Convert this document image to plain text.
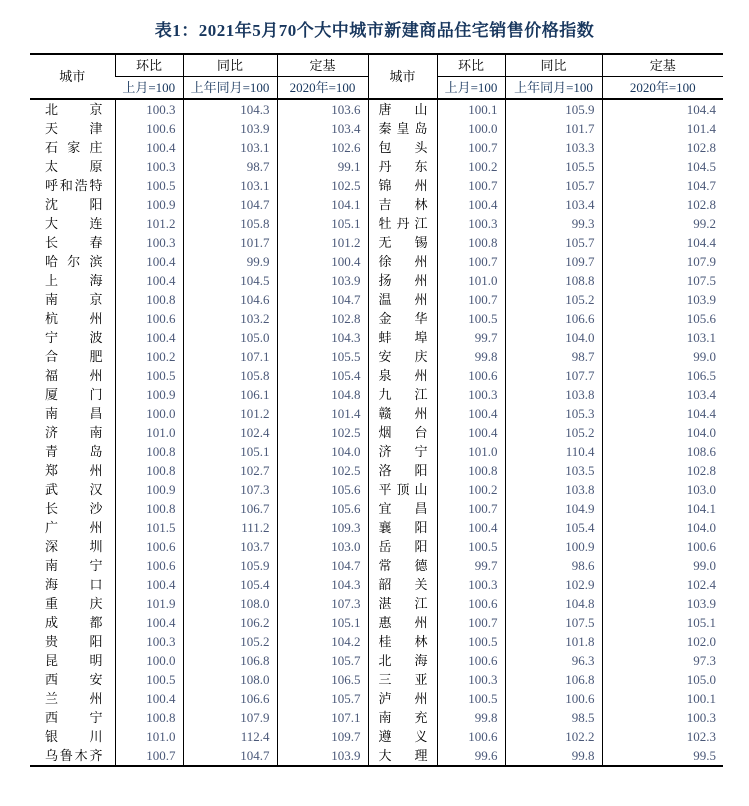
表1：2021年5月70个大中城市新建商品住宅销售价格指数
城市	环比	同比	定基	城市	环比	同比	定基
	上月=100	上年同月=100	2020年=100		上月=100	上年同月=100	2020年=100
北京	100.3	104.3	103.6	唐山	100.1	105.9	104.4
天津	100.6	103.9	103.4	秦皇岛	100.0	101.7	101.4
石家庄	100.4	103.1	102.6	包头	100.7	103.3	102.8
太原	100.3	98.7	99.1	丹东	100.2	105.5	104.5
呼和浩特	100.5	103.1	102.5	锦州	100.7	105.7	104.7
沈阳	100.9	104.7	104.1	吉林	100.4	103.4	102.8
大连	101.2	105.8	105.1	牡丹江	100.3	99.3	99.2
长春	100.3	101.7	101.2	无锡	100.8	105.7	104.4
哈尔滨	100.4	99.9	100.4	徐州	100.7	109.7	107.9
上海	100.4	104.5	103.9	扬州	101.0	108.8	107.5
南京	100.8	104.6	104.7	温州	100.7	105.2	103.9
杭州	100.6	103.2	102.8	金华	100.5	106.6	105.6
宁波	100.4	105.0	104.3	蚌埠	99.7	104.0	103.1
合肥	100.2	107.1	105.5	安庆	99.8	98.7	99.0
福州	100.5	105.8	105.4	泉州	100.6	107.7	106.5
厦门	100.9	106.1	104.8	九江	100.3	103.8	103.4
南昌	100.0	101.2	101.4	赣州	100.4	105.3	104.4
济南	101.0	102.4	102.5	烟台	100.4	105.2	104.0
青岛	100.8	105.1	104.0	济宁	101.0	110.4	108.6
郑州	100.8	102.7	102.5	洛阳	100.8	103.5	102.8
武汉	100.9	107.3	105.6	平顶山	100.2	103.8	103.0
长沙	100.8	106.7	105.6	宜昌	100.7	104.9	104.1
广州	101.5	111.2	109.3	襄阳	100.4	105.4	104.0
深圳	100.6	103.7	103.0	岳阳	100.5	100.9	100.6
南宁	100.6	105.9	104.7	常德	99.7	98.6	99.0
海口	100.4	105.4	104.3	韶关	100.3	102.9	102.4
重庆	101.9	108.0	107.3	湛江	100.6	104.8	103.9
成都	100.4	106.2	105.1	惠州	100.7	107.5	105.1
贵阳	100.3	105.2	104.2	桂林	100.5	101.8	102.0
昆明	100.0	106.8	105.7	北海	100.6	96.3	97.3
西安	100.5	108.0	106.5	三亚	100.3	106.8	105.0
兰州	100.4	106.6	105.7	泸州	100.5	100.6	100.1
西宁	100.8	107.9	107.1	南充	99.8	98.5	100.3
银川	101.0	112.4	109.7	遵义	100.6	102.2	102.3
乌鲁木齐	100.7	104.7	103.9	大理	99.6	99.8	99.5
